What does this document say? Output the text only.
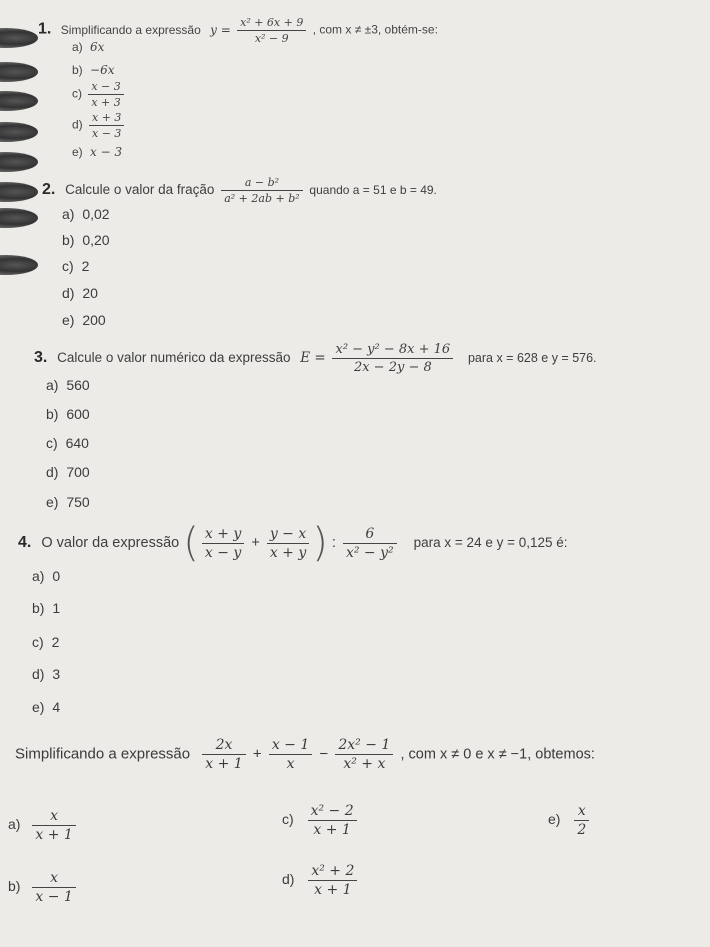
1. Simplificando a expressão $y = \frac{\text{x² + 6x + 9}}{\text{x² − 9}}$ , com x ≠ ±3, obtém-se:
a) 6x
b) −6x
$c) \frac{x - 3}{x + 3}$
$d) \frac{x + 3}{x - 3}$
e) x − 3
2. Calcule o valor da fração $\frac{\text{a − b²}}{\text{a² + 2ab + b²}}$ quando a = 51 e b = 49.
a) 0,02
b) 0,20
c) 2
d) 20
e) 200
3. Calcule o valor numérico da expressão $E = \frac{\text{x² − y² − 8x + 16}}{2x - 2y - 8}$ para x = 628 e y = 576.
a) 560
b) 600
c) 640
d) 700
e) 750
4. O valor da expressão ( $\frac{x + y}{x - y} + \frac{y - x}{x + y}$ ) : $\frac{6}{\text{x² − y²}}$ para x = 24 e y = 0,125 é:
a) 0
b) 1
c) 2
d) 3
e) 4
Simplificando a expressão $\frac{2x}{x + 1} + \frac{x - 1}{x} - \frac{\text{2x² − 1}}{\text{x² + x}}$ , com x ≠ 0 e x ≠ −1, obtemos:
$a) \frac{x}{x + 1}$
$b) \frac{x}{x - 1}$
$c) \frac{\text{x² − 2}}{x + 1}$
$d) \frac{\text{x² + 2}}{x + 1}$
$e) \frac{x}{2}$
